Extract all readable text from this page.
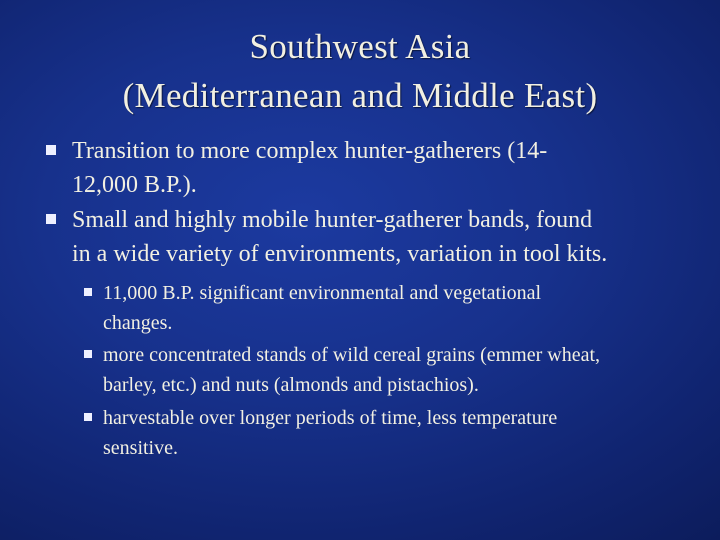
Southwest Asia
(Mediterranean and Middle East)
Transition to more complex hunter-gatherers (14-
12,000 B.P.).
Small and highly mobile hunter-gatherer bands, found
in a wide variety of environments, variation in tool kits.
11,000 B.P. significant environmental and vegetational
changes.
more concentrated stands of wild cereal grains (emmer wheat,
barley, etc.) and nuts (almonds and pistachios).
harvestable over longer periods of time, less temperature
sensitive.
